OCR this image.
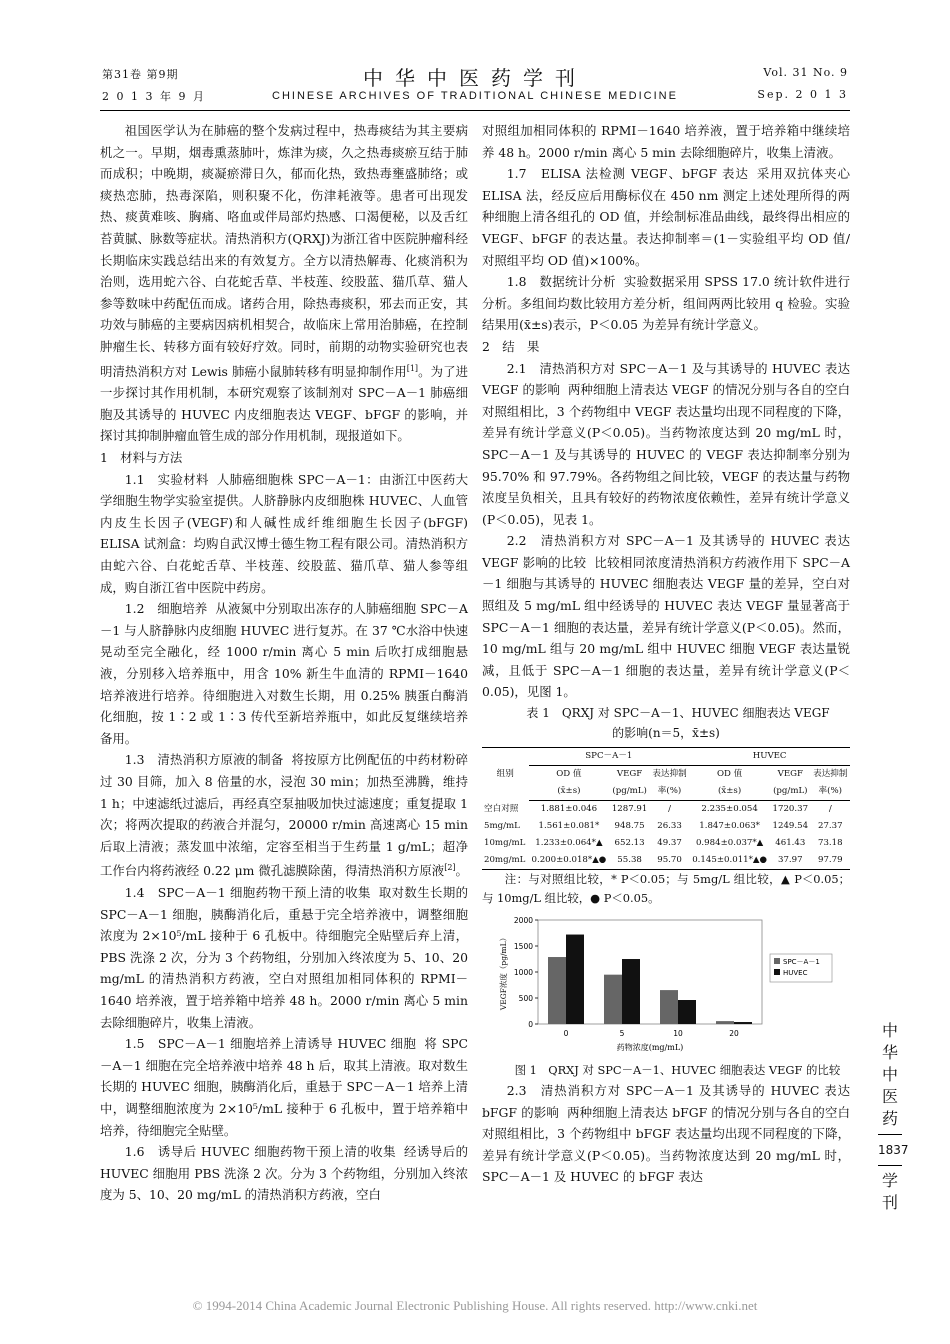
第31卷 第9期
2 0 1 3 年 9 月
中华中医药学刊
CHINESE ARCHIVES OF TRADITIONAL CHINESE MEDICINE
Vol. 31 No. 9
Sep. 2 0 1 3

祖国医学认为在肺癌的整个发病过程中，热毒痰结为其主要病机之一。早期，烟毒熏蒸肺叶，炼津为痰，久之热毒痰瘀互结于肺而成积；中晚期，痰凝瘀滞日久，郁而化热，致热毒壅盛肺络；或痰热恋肺，热毒深陷，则积聚不化，伤津耗液等。患者可出现发热、痰黄难咳、胸痛、咯血或伴局部灼热感、口渴便秘，以及舌红苔黄腻、脉数等症状。清热消积方(QRXJ)为浙江省中医院肿瘤科经长期临床实践总结出来的有效复方。全方以清热解毒、化痰消积为治则，选用蛇六谷、白花蛇舌草、半枝莲、绞股蓝、猫爪草、猫人参等数味中药配伍而成。诸药合用，除热毒痰积，邪去而正安，其功效与肺癌的主要病因病机相契合，故临床上常用治肺癌，在控制肿瘤生长、转移方面有较好疗效。同时，前期的动物实验研究也表明清热消积方对 Lewis 肺癌小鼠肺转移有明显抑制作用[1]。为了进一步探讨其作用机制，本研究观察了该制剂对 SPC－A－1 肺癌细胞及其诱导的 HUVEC 内皮细胞表达 VEGF、bFGF 的影响，并探讨其抑制肿瘤血管生成的部分作用机制，现报道如下。

1　材料与方法

1.1　实验材料 人肺癌细胞株 SPC－A－1：由浙江中医药大学细胞生物学实验室提供。人脐静脉内皮细胞株 HUVEC、人血管内皮生长因子(VEGF)和人碱性成纤维细胞生长因子(bFGF) ELISA 试剂盒：均购自武汉博士德生物工程有限公司。清热消积方由蛇六谷、白花蛇舌草、半枝莲、绞股蓝、猫爪草、猫人参等组成，购自浙江省中医院中药房。

1.2　细胞培养 从液氮中分别取出冻存的人肺癌细胞 SPC－A－1 与人脐静脉内皮细胞 HUVEC 进行复苏。在 37 ℃水浴中快速晃动至完全融化，经 1000 r/min 离心 5 min 后吹打成细胞悬液，分别移入培养瓶中，用含 10% 新生牛血清的 RPMI－1640 培养液进行培养。待细胞进入对数生长期，用 0.25% 胰蛋白酶消化细胞，按 1∶2 或 1∶3 传代至新培养瓶中，如此反复继续培养备用。

1.3　清热消积方原液的制备 将按原方比例配伍的中药材粉碎过 30 目筛，加入 8 倍量的水，浸泡 30 min；加热至沸腾，维持 1 h；中速滤纸过滤后，再经真空泵抽吸加快过滤速度；重复提取 1 次；将两次提取的药液合并混匀，20000 r/min 高速离心 15 min 后取上清液；蒸发皿中浓缩，定容至相当于生药量 1 g/mL；超净工作台内将药液经 0.22 μm 微孔滤膜除菌，得清热消积方原液[2]。

1.4　SPC－A－1 细胞药物干预上清的收集 取对数生长期的 SPC－A－1 细胞，胰酶消化后，重悬于完全培养液中，调整细胞浓度为 2×10⁵/mL 接种于 6 孔板中。待细胞完全贴壁后弃上清，PBS 洗涤 2 次，分为 3 个药物组，分别加入终浓度为 5、10、20 mg/mL 的清热消积方药液，空白对照组加相同体积的 RPMI－1640 培养液，置于培养箱中培养 48 h。2000 r/min 离心 5 min 去除细胞碎片，收集上清液。

1.5　SPC－A－1 细胞培养上清诱导 HUVEC 细胞 将 SPC－A－1 细胞在完全培养液中培养 48 h 后，取其上清液。取对数生长期的 HUVEC 细胞，胰酶消化后，重悬于 SPC－A－1 培养上清中，调整细胞浓度为 2×10⁵/mL 接种于 6 孔板中，置于培养箱中培养，待细胞完全贴壁。

1.6　诱导后 HUVEC 细胞药物干预上清的收集 经诱导后的 HUVEC 细胞用 PBS 洗涤 2 次。分为 3 个药物组，分别加入终浓度为 5、10、20 mg/mL 的清热消积方药液，空白

对照组加相同体积的 RPMI－1640 培养液，置于培养箱中继续培养 48 h。2000 r/min 离心 5 min 去除细胞碎片，收集上清液。

1.7　ELISA 法检测 VEGF、bFGF 表达 采用双抗体夹心 ELISA 法，经反应后用酶标仪在 450 nm 测定上述处理所得的两种细胞上清各组孔的 OD 值，并绘制标准品曲线，最终得出相应的 VEGF、bFGF 的表达量。表达抑制率＝(1－实验组平均 OD 值/对照组平均 OD 值)×100%。

1.8　数据统计分析 实验数据采用 SPSS 17.0 统计软件进行分析。多组间均数比较用方差分析，组间两两比较用 q 检验。实验结果用(x̄±s)表示，P＜0.05 为差异有统计学意义。

2　结　果

2.1　清热消积方对 SPC－A－1 及与其诱导的 HUVEC 表达 VEGF 的影响 两种细胞上清表达 VEGF 的情况分别与各自的空白对照组相比，3 个药物组中 VEGF 表达量均出现不同程度的下降，差异有统计学意义(P＜0.05)。当药物浓度达到 20 mg/mL 时，SPC－A－1 及与其诱导的 HUVEC 的 VEGF 表达抑制率分别为 95.70% 和 97.79%。各药物组之间比较，VEGF 的表达量与药物浓度呈负相关，且具有较好的药物浓度依赖性，差异有统计学意义(P＜0.05)，见表 1。

2.2　清热消积方对 SPC－A－1 及其诱导的 HUVEC 表达 VEGF 影响的比较 比较相同浓度清热消积方药液作用下 SPC－A－1 细胞与其诱导的 HUVEC 细胞表达 VEGF 量的差异，空白对照组及 5 mg/mL 组中经诱导的 HUVEC 表达 VEGF 量显著高于 SPC－A－1 细胞的表达量，差异有统计学意义(P＜0.05)。然而，10 mg/mL 组与 20 mg/mL 组中 HUVEC 细胞 VEGF 表达量锐减，且低于 SPC－A－1 细胞的表达量，差异有统计学意义(P＜0.05)，见图 1。

表 1　QRXJ 对 SPC－A－1、HUVEC 细胞表达 VEGF
的影响(n＝5，x̄±s)

组别	SPC－A－1			HUVEC		
	OD 值	VEGF	表达抑制	OD 值	VEGF	表达抑制
	(x̄±s)	(pg/mL)	率(%)	(x̄±s)	(pg/mL)	率(%)
空白对照	1.881±0.046	1287.91	/	2.235±0.054	1720.37	/
5mg/mL	1.561±0.081*	948.75	26.33	1.847±0.063*	1249.54	27.37
10mg/mL	1.233±0.064*▲	652.13	49.37	0.984±0.037*▲	461.43	73.18
20mg/mL	0.200±0.018*▲●	55.38	95.70	0.145±0.011*▲●	37.97	97.79

注：与对照组比较，* P＜0.05；与 5mg/L 组比较，▲ P＜0.05；与 10mg/L 组比较，● P＜0.05。

0
500
1000
1500
2000
0	5	10	20
药物浓度(mg/mL)
VEGF浓度（pg/mL）	SPC－A－1
HUVEC

图 1　QRXJ 对 SPC－A－1、HUVEC 细胞表达 VEGF 的比较

2.3　清热消积方对 SPC－A－1 及其诱导的 HUVEC 表达 bFGF 的影响 两种细胞上清表达 bFGF 的情况分别与各自的空白对照组相比，3 个药物组中 bFGF 表达量均出现不同程度的下降，差异有统计学意义(P＜0.05)。当药物浓度达到 20 mg/mL 时，SPC－A－1 及 HUVEC 的 bFGF 表达

中华中医药
1837
学刊
© 1994-2014 China Academic Journal Electronic Publishing House. All rights reserved. http://www.cnki.net
